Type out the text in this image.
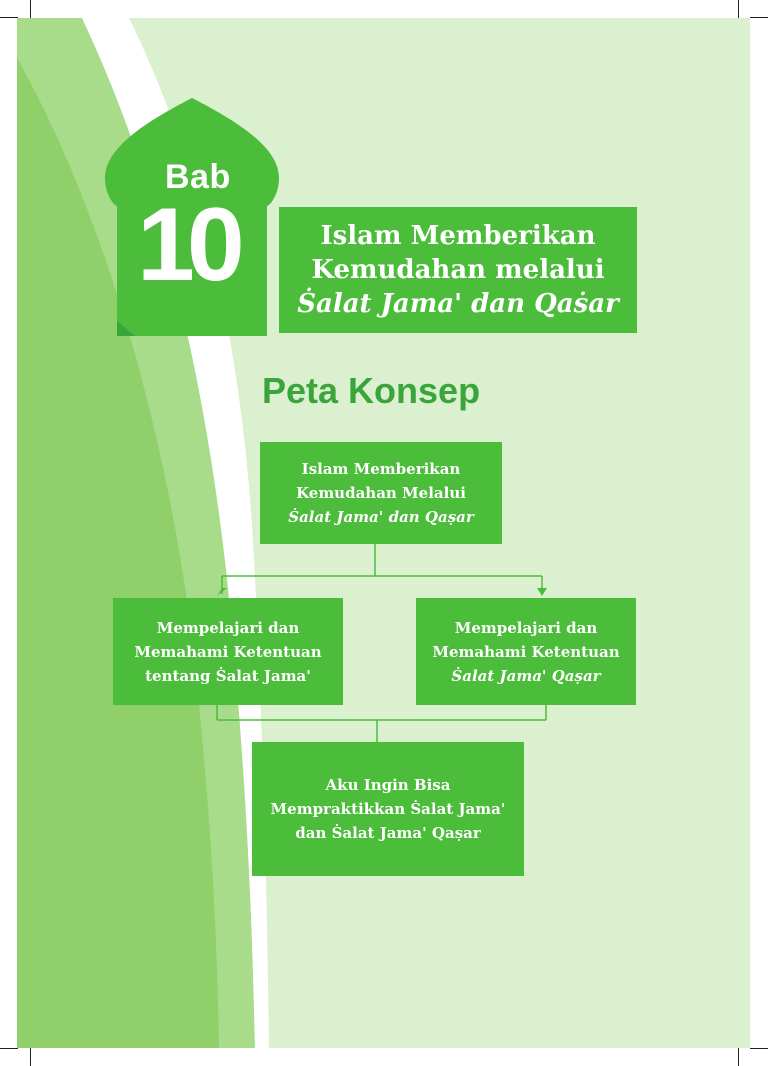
Bab
10	Islam Memberikan
Kemudahan melalui
Ṡalat Jama' dan Qaṡar
Peta Konsep
Islam Memberikan
Kemudahan Melalui
Ṡalat Jama' dan Qaṣar
Mempelajari dan
Memahami Ketentuan
tentang Ṡalat Jama'
Mempelajari dan
Memahami Ketentuan
Ṡalat Jama' Qaṣar
Aku Ingin Bisa
Mempraktikkan Ṡalat Jama'
dan Ṡalat Jama' Qaṣar
